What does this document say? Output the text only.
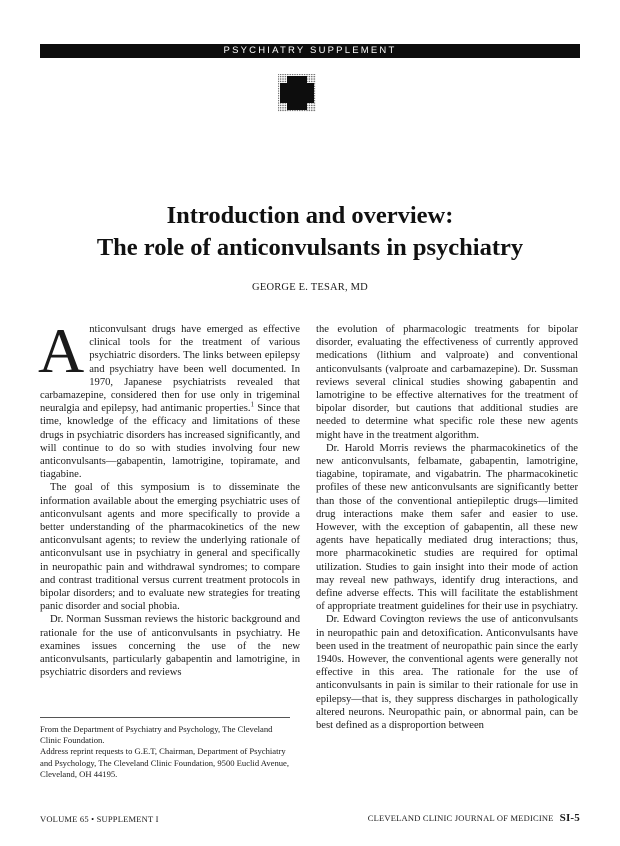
PSYCHIATRY SUPPLEMENT
Introduction and overview:
The role of anticonvulsants in psychiatry
GEORGE E. TESAR, MD

Anticonvulsant drugs have emerged as effective clinical tools for the treatment of various psychiatric disorders. The links between epilepsy and psychiatry have been well documented. In 1970, Japanese psychiatrists revealed that carbamazepine, considered then for use only in trigeminal neuralgia and epilepsy, had antimanic properties.$^1$ Since that time, knowledge of the efficacy and limitations of these drugs in psychiatric disorders has increased significantly, and will continue to do so with studies involving four new anticonvulsants—gabapentin, lamotrigine, topiramate, and tiagabine.

The goal of this symposium is to disseminate the information available about the emerging psychiatric uses of anticonvulsant agents and more specifically to provide a better understanding of the pharmacokinetics of the new anticonvulsant agents; to review the underlying rationale of anticonvulsant use in psychiatry in general and specifically in neuropathic pain and withdrawal syndromes; to compare and contrast traditional versus current treatment protocols in bipolar disorders; and to evaluate new strategies for treating panic disorder and social phobia.

Dr. Norman Sussman reviews the historic background and rationale for the use of anticonvulsants in psychiatry. He examines issues concerning the use of the new anticonvulsants, particularly gabapentin and lamotrigine, in psychiatric disorders and reviews

the evolution of pharmacologic treatments for bipolar disorder, evaluating the effectiveness of currently approved medications (lithium and valproate) and conventional anticonvulsants (valproate and carbamazepine). Dr. Sussman reviews several clinical studies showing gabapentin and lamotrigine to be effective alternatives for the treatment of bipolar disorder, but cautions that additional studies are needed to determine what specific role these new agents might have in the treatment algorithm.

Dr. Harold Morris reviews the pharmacokinetics of the new anticonvulsants, felbamate, gabapentin, lamotrigine, tiagabine, topiramate, and vigabatrin. The pharmacokinetic profiles of these new anticonvulsants are significantly better than those of the conventional antiepileptic drugs—limited drug interactions make them safer and easier to use. However, with the exception of gabapentin, all these new agents have hepatically mediated drug interactions; thus, more pharmacokinetic studies are required for optimal utilization. Studies to gain insight into their mode of action may reveal new pathways, identify drug interactions, and define adverse effects. This will facilitate the establishment of appropriate treatment guidelines for their use in psychiatry.

Dr. Edward Covington reviews the use of anticonvulsants in neuropathic pain and detoxification. Anticonvulsants have been used in the treatment of neuropathic pain since the early 1940s. However, the conventional agents were generally not effective in this area. The rationale for the use of anticonvulsants in pain is similar to their rationale for use in epilepsy—that is, they suppress discharges in pathologically altered neurons. Neuropathic pain, or abnormal pain, can be best defined as a disproportion between

From the Department of Psychiatry and Psychology, The Cleveland Clinic Foundation.
Address reprint requests to G.E.T, Chairman, Department of Psychiatry and Psychology, The Cleveland Clinic Foundation, 9500 Euclid Avenue, Cleveland, OH 44195.
VOLUME 65 • SUPPLEMENT I	CLEVELAND CLINIC JOURNAL OF MEDICINE SI-5
